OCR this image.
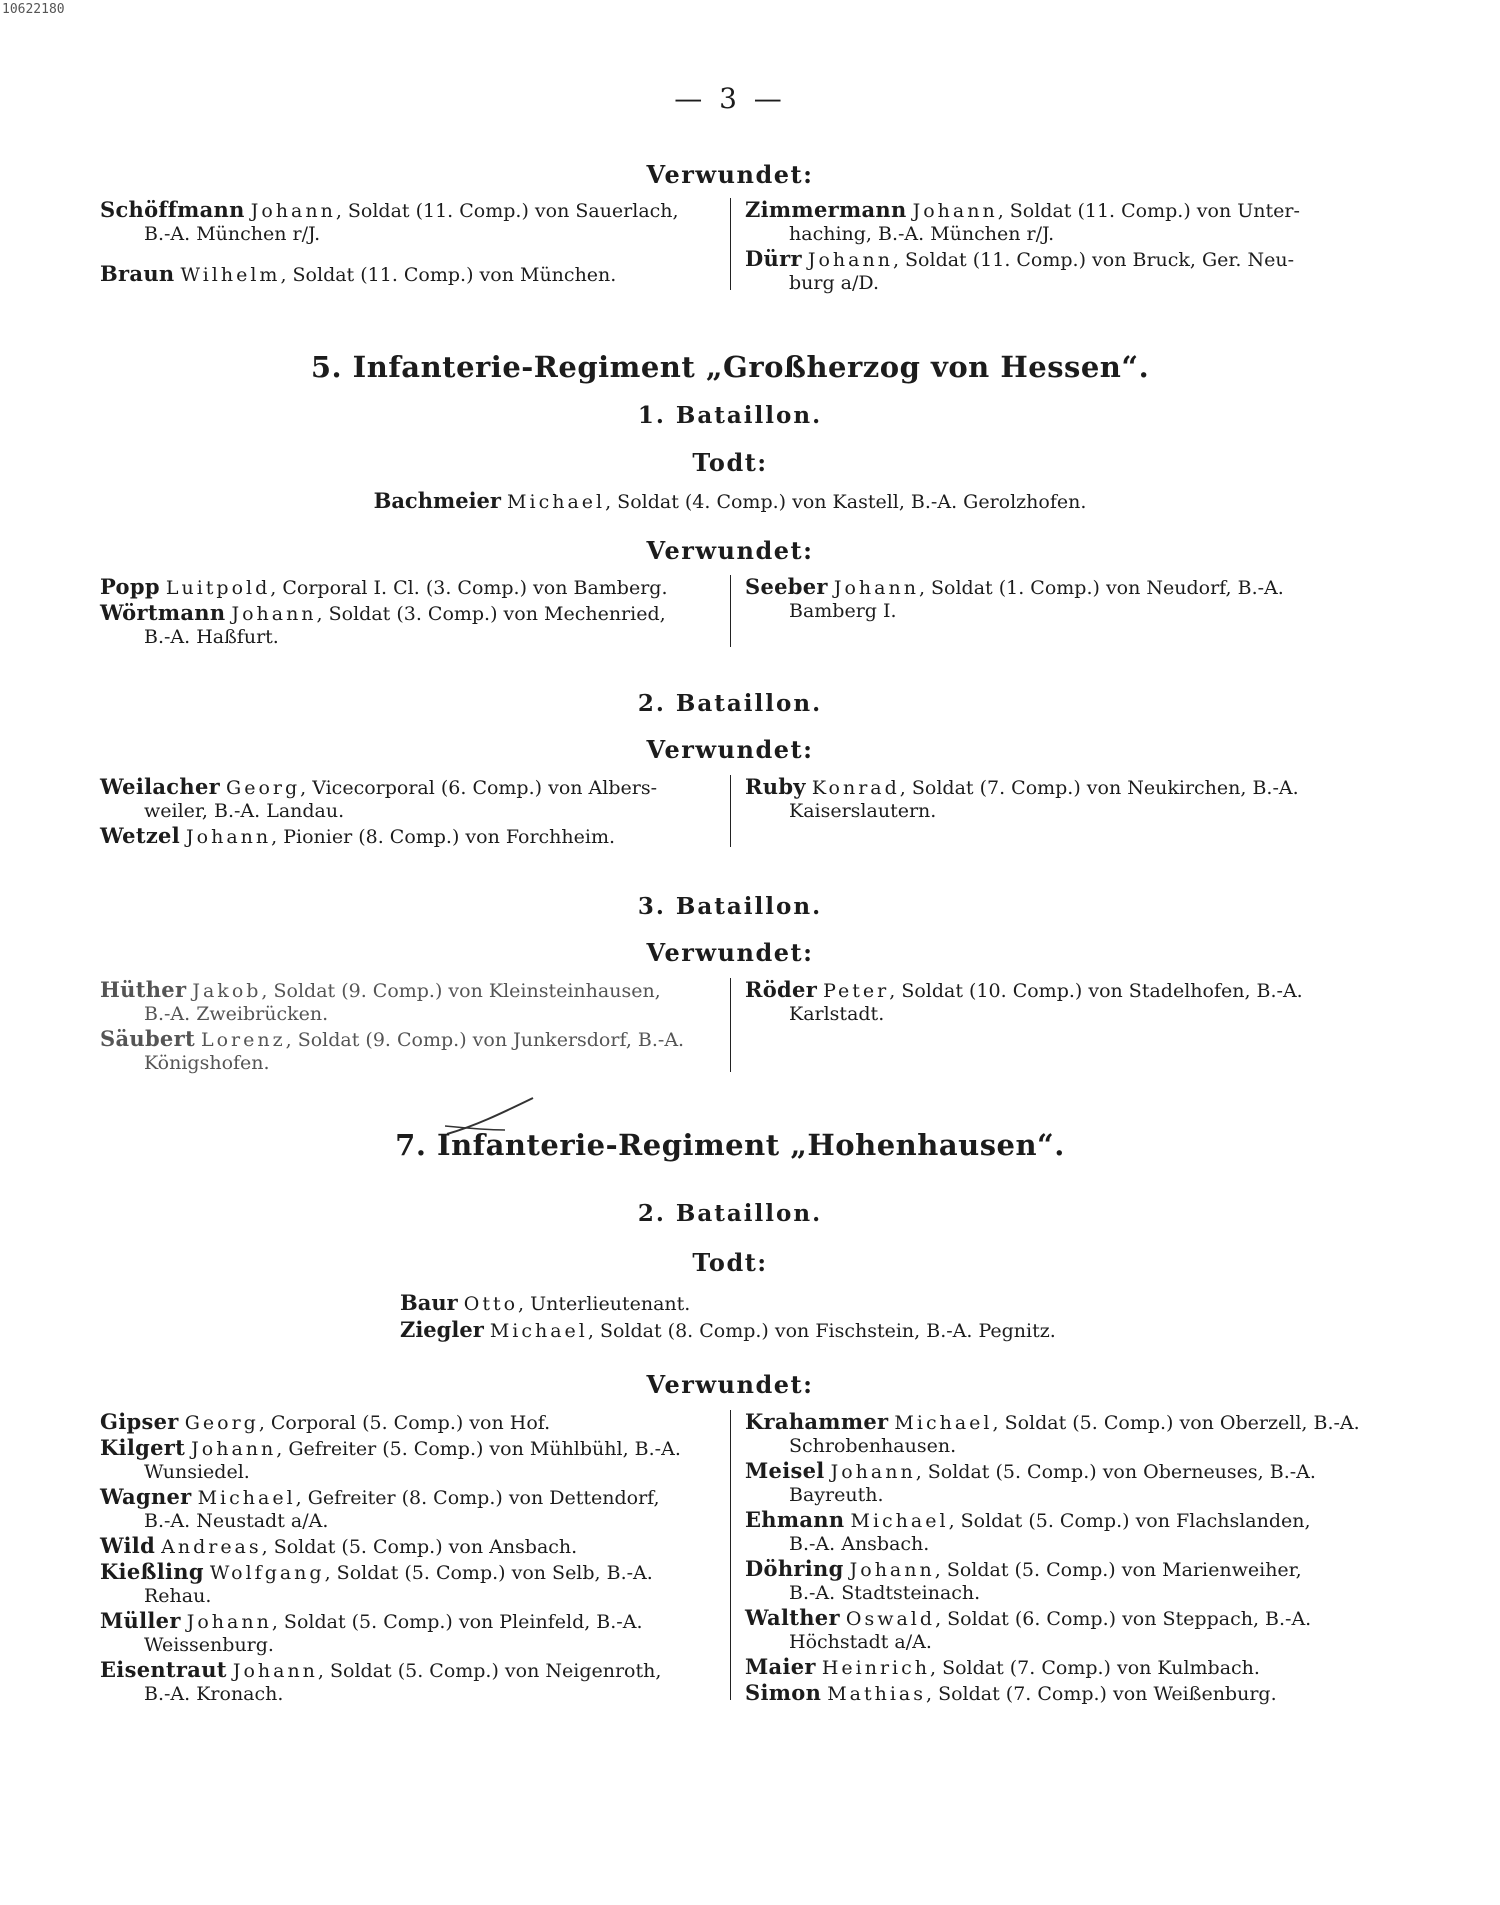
10622180
— 3 —
Verwundet:
Schöffmann Johann, Soldat (11. Comp.) von Sauerlach,
B.-A. München r/J.
Braun Wilhelm, Soldat (11. Comp.) von München.
Zimmermann Johann, Soldat (11. Comp.) von Unter-
haching, B.-A. München r/J.
Dürr Johann, Soldat (11. Comp.) von Bruck, Ger. Neu-
burg a/D.
5. Infanterie-Regiment „Großherzog von Hessen“.
1. Bataillon.
Todt:
Bachmeier Michael, Soldat (4. Comp.) von Kastell, B.-A. Gerolzhofen.
Verwundet:
Popp Luitpold, Corporal I. Cl. (3. Comp.) von Bamberg.
Wörtmann Johann, Soldat (3. Comp.) von Mechenried,
B.-A. Haßfurt.
Seeber Johann, Soldat (1. Comp.) von Neudorf, B.-A.
Bamberg I.
2. Bataillon.
Verwundet:
Weilacher Georg, Vicecorporal (6. Comp.) von Albers-
weiler, B.-A. Landau.
Wetzel Johann, Pionier (8. Comp.) von Forchheim.
Ruby Konrad, Soldat (7. Comp.) von Neukirchen, B.-A.
Kaiserslautern.
3. Bataillon.
Verwundet:
Hüther Jakob, Soldat (9. Comp.) von Kleinsteinhausen,
B.-A. Zweibrücken.
Säubert Lorenz, Soldat (9. Comp.) von Junkersdorf, B.-A.
Königshofen.
Röder Peter, Soldat (10. Comp.) von Stadelhofen, B.-A.
Karlstadt.
7. Infanterie-Regiment „Hohenhausen“.
2. Bataillon.
Todt:
Baur Otto, Unterlieutenant.
Ziegler Michael, Soldat (8. Comp.) von Fischstein, B.-A. Pegnitz.
Verwundet:
Gipser Georg, Corporal (5. Comp.) von Hof.
Kilgert Johann, Gefreiter (5. Comp.) von Mühlbühl, B.-A.
Wunsiedel.
Wagner Michael, Gefreiter (8. Comp.) von Dettendorf,
B.-A. Neustadt a/A.
Wild Andreas, Soldat (5. Comp.) von Ansbach.
Kießling Wolfgang, Soldat (5. Comp.) von Selb, B.-A.
Rehau.
Müller Johann, Soldat (5. Comp.) von Pleinfeld, B.-A.
Weissenburg.
Eisentraut Johann, Soldat (5. Comp.) von Neigenroth,
B.-A. Kronach.
Krahammer Michael, Soldat (5. Comp.) von Oberzell, B.-A.
Schrobenhausen.
Meisel Johann, Soldat (5. Comp.) von Oberneuses, B.-A.
Bayreuth.
Ehmann Michael, Soldat (5. Comp.) von Flachslanden,
B.-A. Ansbach.
Döhring Johann, Soldat (5. Comp.) von Marienweiher,
B.-A. Stadtsteinach.
Walther Oswald, Soldat (6. Comp.) von Steppach, B.-A.
Höchstadt a/A.
Maier Heinrich, Soldat (7. Comp.) von Kulmbach.
Simon Mathias, Soldat (7. Comp.) von Weißenburg.
